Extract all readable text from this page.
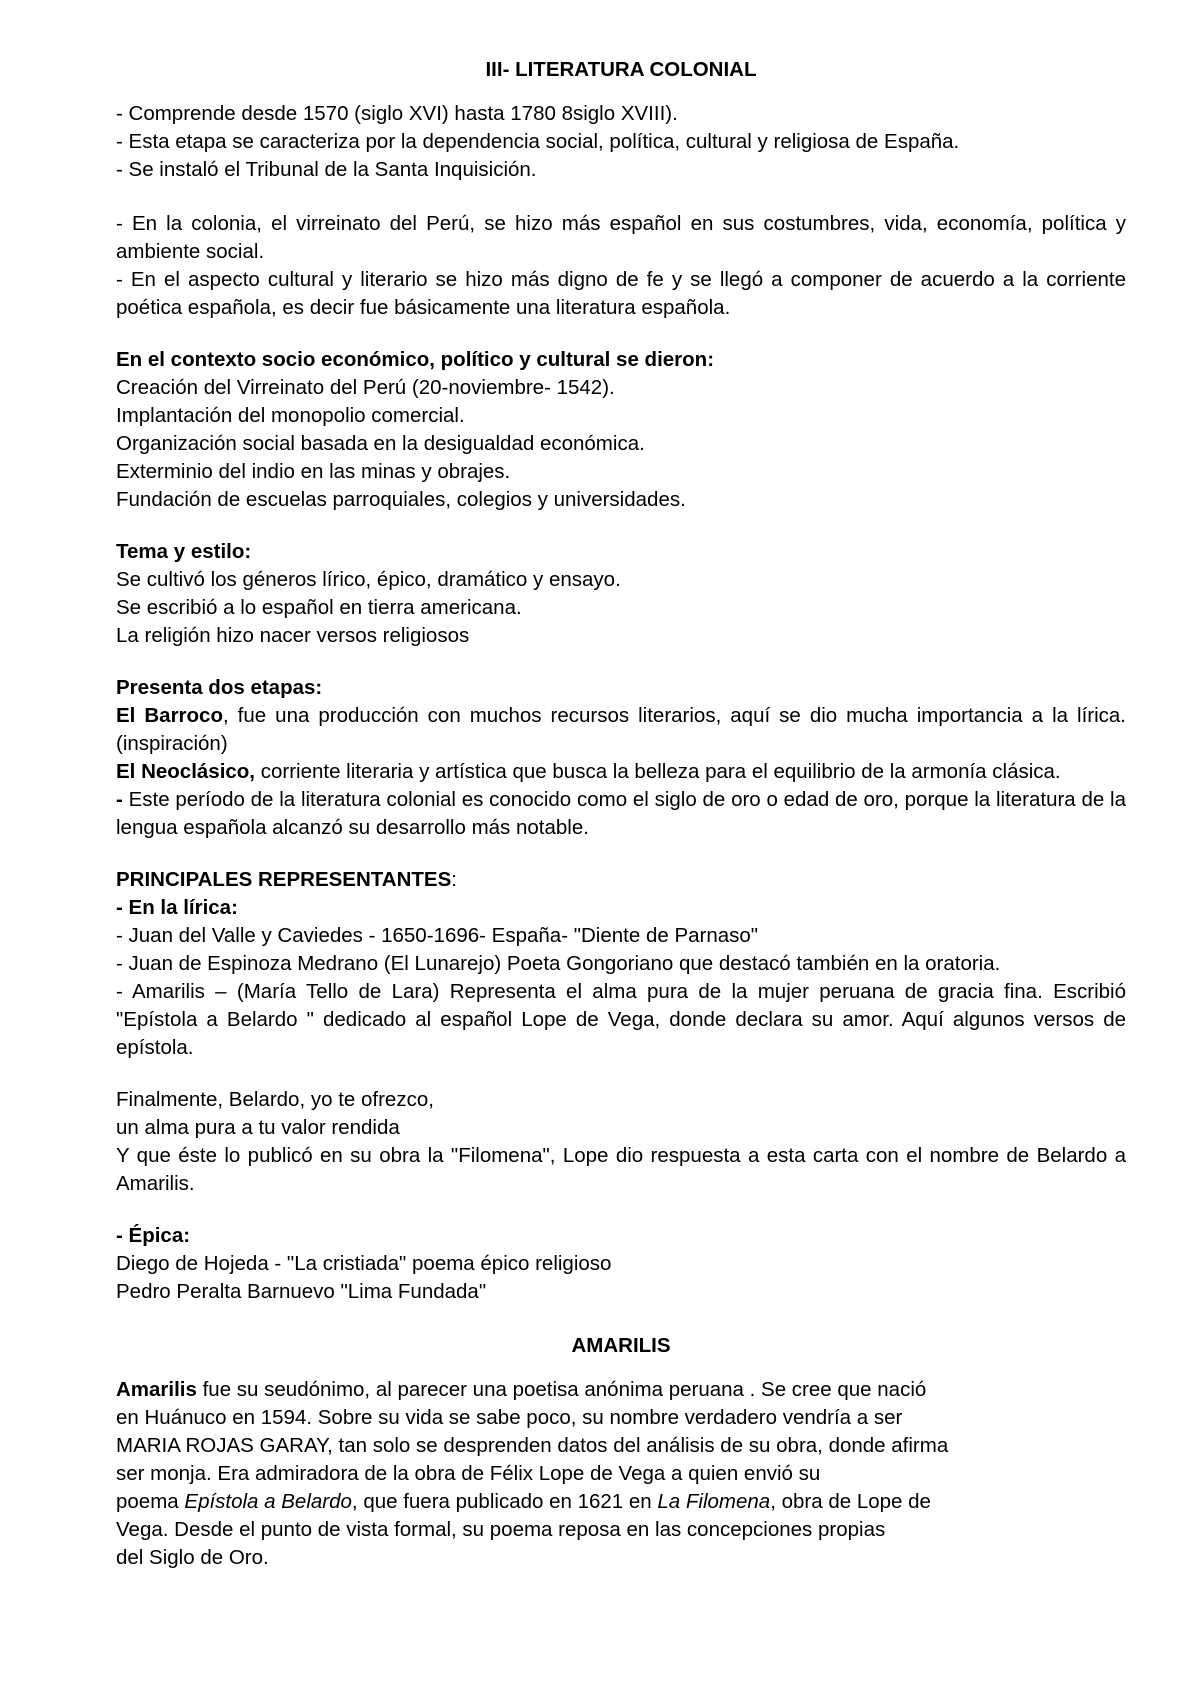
III- LITERATURA COLONIAL

- Comprende desde 1570 (siglo XVI) hasta 1780 8siglo XVIII).

- Esta etapa se caracteriza por la dependencia social, política, cultural y religiosa de España.

- Se instaló el Tribunal de la Santa Inquisición.

- En la colonia, el virreinato del Perú, se hizo más español en sus costumbres, vida, economía, política y ambiente social.

- En el aspecto cultural y literario se hizo más digno de fe y se llegó a componer de acuerdo a la corriente poética española, es decir fue básicamente una literatura española.

En el contexto socio económico, político y cultural se dieron:

Creación del Virreinato del Perú (20-noviembre- 1542).

Implantación del monopolio comercial.

Organización social basada en la desigualdad económica.

Exterminio del indio en las minas y obrajes.

Fundación de escuelas parroquiales, colegios y universidades.

Tema y estilo:

Se cultivó los géneros lírico, épico, dramático y ensayo.

Se escribió a lo español en tierra americana.

La religión hizo nacer versos religiosos

Presenta dos etapas:

El Barroco, fue una producción con muchos recursos literarios, aquí se dio mucha importancia a la lírica. (inspiración)

El Neoclásico, corriente literaria y artística que busca la belleza para el equilibrio de la armonía clásica.

- Este período de la literatura colonial es conocido como el siglo de oro o edad de oro, porque la literatura de la lengua española alcanzó su desarrollo más notable.

PRINCIPALES REPRESENTANTES:

- En la lírica:

- Juan del Valle y Caviedes - 1650-1696- España- "Diente de Parnaso"

- Juan de Espinoza Medrano (El Lunarejo) Poeta Gongoriano que destacó también en la oratoria.

- Amarilis – (María Tello de Lara) Representa el alma pura de la mujer peruana de gracia fina. Escribió "Epístola a Belardo " dedicado al español Lope de Vega, donde declara su amor. Aquí algunos versos de epístola.

Finalmente, Belardo, yo te ofrezco,

un alma pura a tu valor rendida

Y que éste lo publicó en su obra la "Filomena", Lope dio respuesta a esta carta con el nombre de Belardo a Amarilis.

- Épica:

Diego de Hojeda - "La cristiada" poema épico religioso

Pedro Peralta Barnuevo "Lima Fundada"

AMARILIS

Amarilis fue su seudónimo, al parecer una poetisa anónima peruana . Se cree que nació

en Huánuco en 1594. Sobre su vida se sabe poco, su nombre verdadero vendría a ser

MARIA ROJAS GARAY, tan solo se desprenden datos del análisis de su obra, donde afirma

ser monja. Era admiradora de la obra de Félix Lope de Vega a quien envió su

poema Epístola a Belardo, que fuera publicado en 1621 en La Filomena, obra de Lope de

Vega. Desde el punto de vista formal, su poema reposa en las concepciones propias

del Siglo de Oro.
